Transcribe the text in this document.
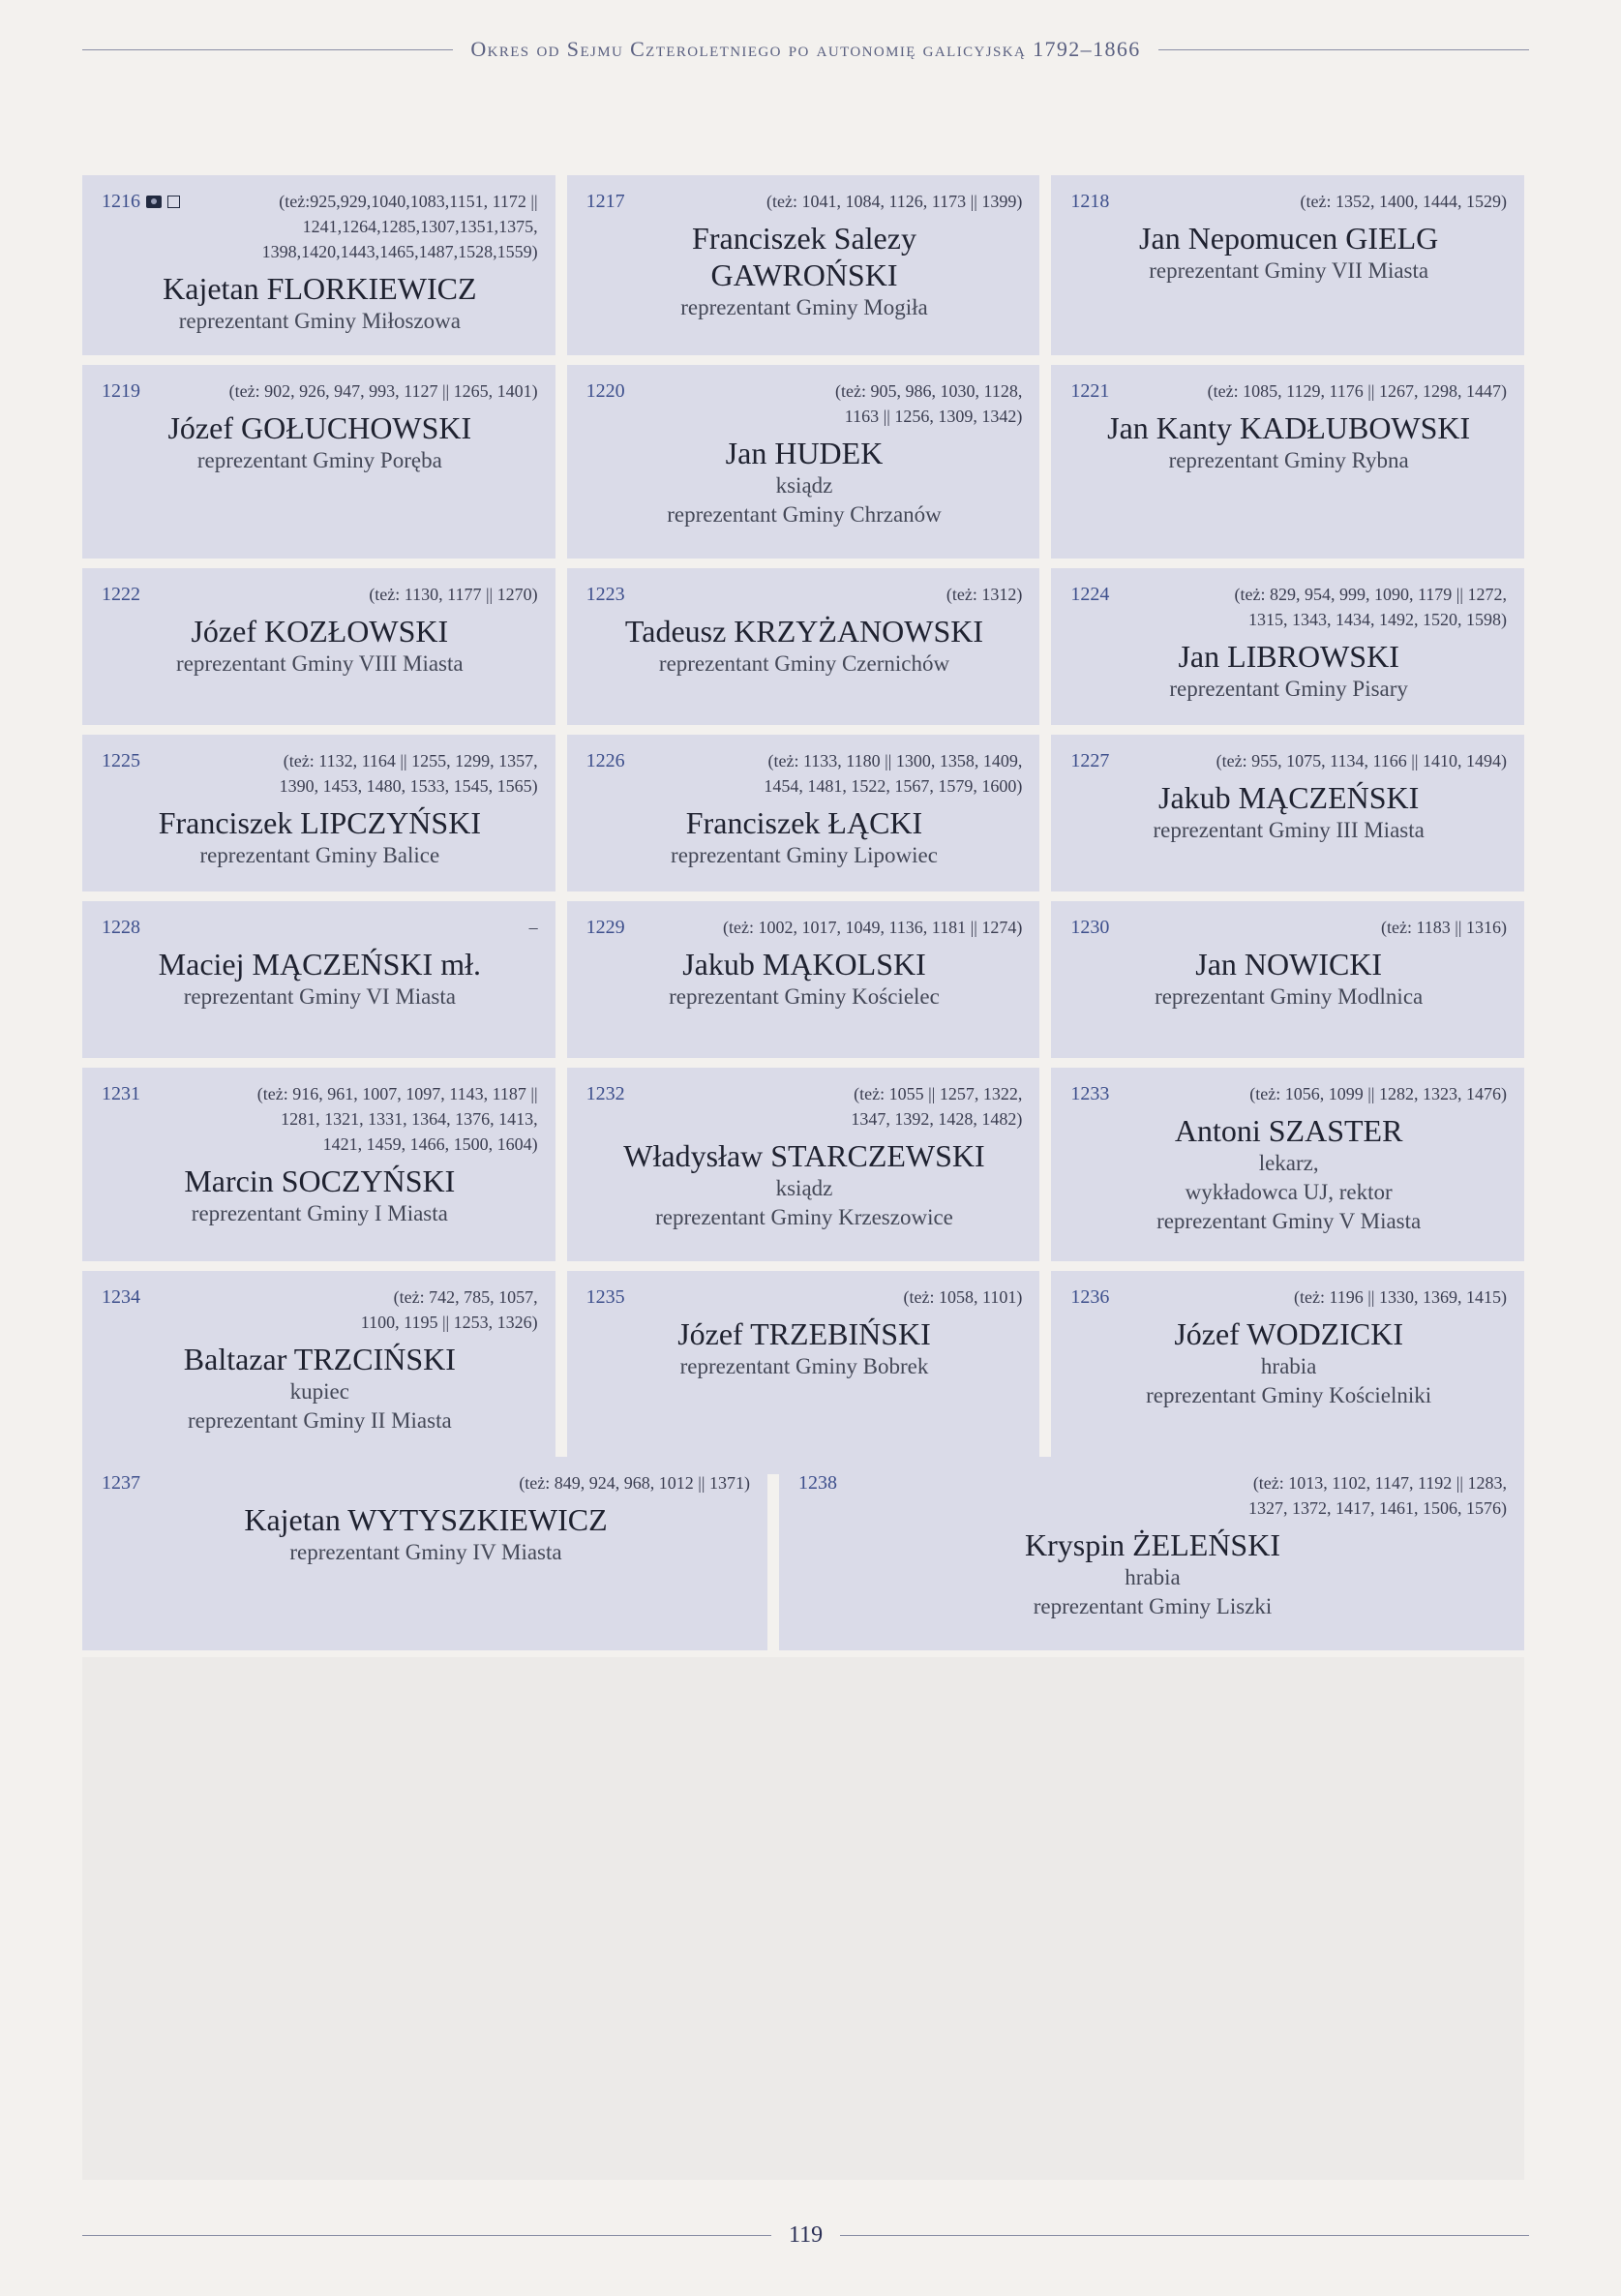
Okres od Sejmu Czteroletniego po autonomię galicyjską 1792–1866
1216	(też:925,929,1040,1083,1151, 1172 ||
1241,1264,1285,1307,1351,1375,
1398,1420,1443,1465,1487,1528,1559)
Kajetan FLORKIEWICZ
reprezentant Gminy Miłoszowa
1217	(też: 1041, 1084, 1126, 1173 || 1399)
Franciszek Salezy
GAWROŃSKI
reprezentant Gminy Mogiła
1218	(też: 1352, 1400, 1444, 1529)
Jan Nepomucen GIELG
reprezentant Gminy VII Miasta
1219	(też: 902, 926, 947, 993, 1127 || 1265, 1401)
Józef GOŁUCHOWSKI
reprezentant Gminy Poręba
1220	(też: 905, 986, 1030, 1128,
1163 || 1256, 1309, 1342)
Jan HUDEK
ksiądz
reprezentant Gminy Chrzanów
1221	(też: 1085, 1129, 1176 || 1267, 1298, 1447)
Jan Kanty KADŁUBOWSKI
reprezentant Gminy Rybna
1222	(też: 1130, 1177 || 1270)
Józef KOZŁOWSKI
reprezentant Gminy VIII Miasta
1223	(też: 1312)
Tadeusz KRZYŻANOWSKI
reprezentant Gminy Czernichów
1224	(też: 829, 954, 999, 1090, 1179 || 1272,
1315, 1343, 1434, 1492, 1520, 1598)
Jan LIBROWSKI
reprezentant Gminy Pisary
1225	(też: 1132, 1164 || 1255, 1299, 1357,
1390, 1453, 1480, 1533, 1545, 1565)
Franciszek LIPCZYŃSKI
reprezentant Gminy Balice
1226	(też: 1133, 1180 || 1300, 1358, 1409,
1454, 1481, 1522, 1567, 1579, 1600)
Franciszek ŁĄCKI
reprezentant Gminy Lipowiec
1227	(też: 955, 1075, 1134, 1166 || 1410, 1494)
Jakub MĄCZEŃSKI
reprezentant Gminy III Miasta
1228	–
Maciej MĄCZEŃSKI mł.
reprezentant Gminy VI Miasta
1229	(też: 1002, 1017, 1049, 1136, 1181 || 1274)
Jakub MĄKOLSKI
reprezentant Gminy Kościelec
1230	(też: 1183 || 1316)
Jan NOWICKI
reprezentant Gminy Modlnica
1231	(też: 916, 961, 1007, 1097, 1143, 1187 ||
1281, 1321, 1331, 1364, 1376, 1413,
1421, 1459, 1466, 1500, 1604)
Marcin SOCZYŃSKI
reprezentant Gminy I Miasta
1232	(też: 1055 || 1257, 1322,
1347, 1392, 1428, 1482)
Władysław STARCZEWSKI
ksiądz
reprezentant Gminy Krzeszowice
1233	(też: 1056, 1099 || 1282, 1323, 1476)
Antoni SZASTER
lekarz,
wykładowca UJ, rektor
reprezentant Gminy V Miasta
1234	(też: 742, 785, 1057,
1100, 1195 || 1253, 1326)
Baltazar TRZCIŃSKI
kupiec
reprezentant Gminy II Miasta
1235	(też: 1058, 1101)
Józef TRZEBIŃSKI
reprezentant Gminy Bobrek
1236	(też: 1196 || 1330, 1369, 1415)
Józef WODZICKI
hrabia
reprezentant Gminy Kościelniki
1237	(też: 849, 924, 968, 1012 || 1371)
Kajetan WYTYSZKIEWICZ
reprezentant Gminy IV Miasta
1238	(też: 1013, 1102, 1147, 1192 || 1283,
1327, 1372, 1417, 1461, 1506, 1576)
Kryspin ŻELEŃSKI
hrabia
reprezentant Gminy Liszki
119
